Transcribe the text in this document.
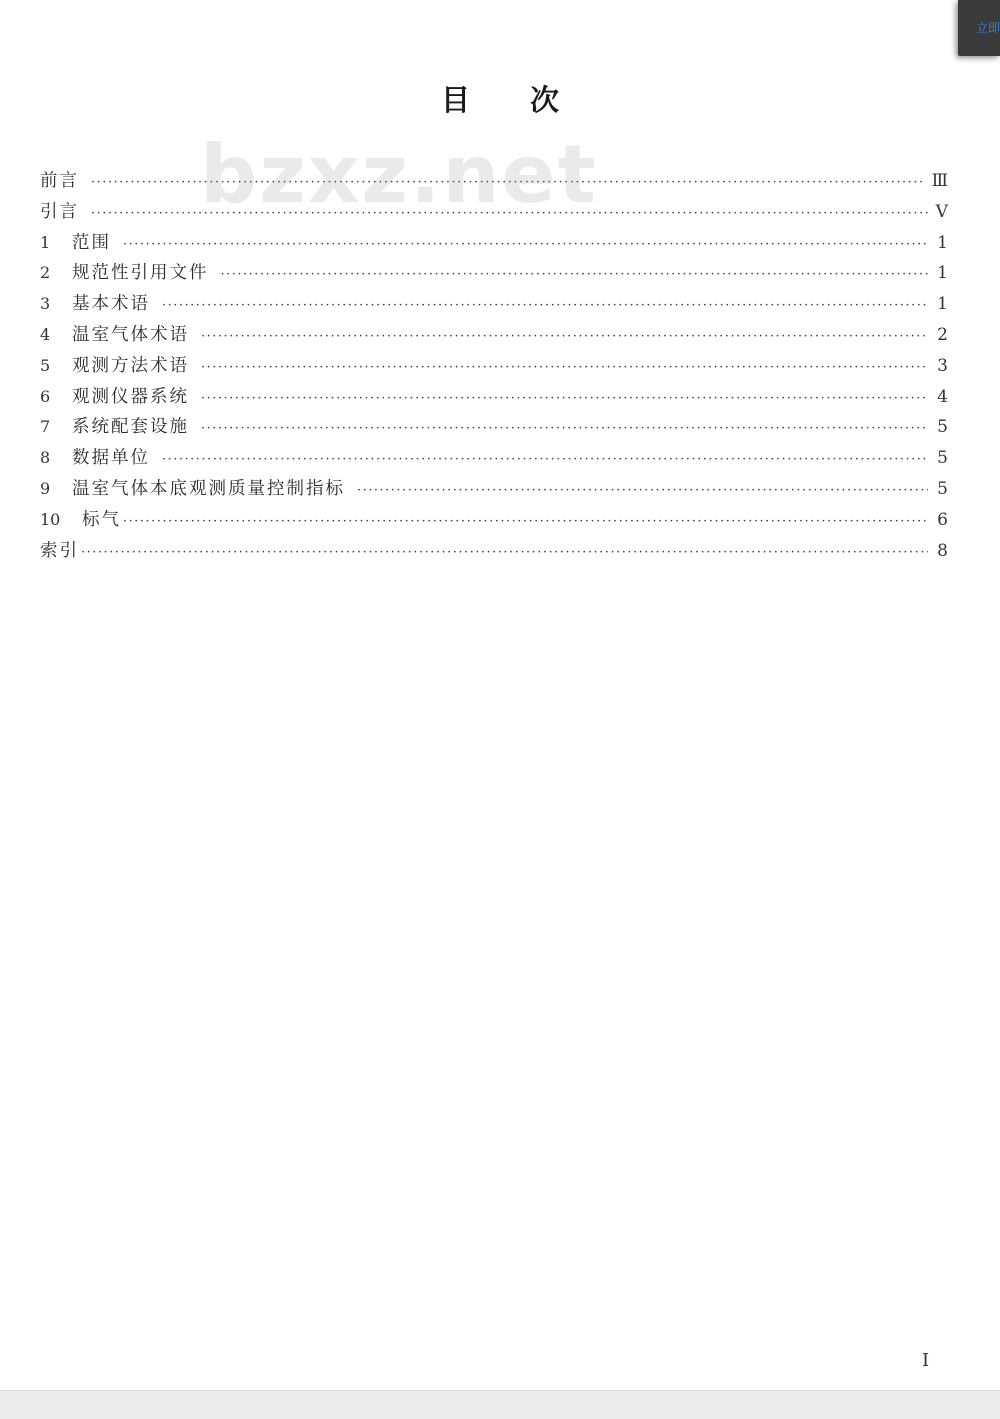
目次
bzxz.net
前言 ·····	Ⅲ
引言 ·····	Ⅴ
1	范围 ·····	1
2	规范性引用文件 ·····	1
3	基本术语 ·····	1
4	温室气体术语 ·····	2
5	观测方法术语 ·····	3
6	观测仪器系统 ·····	4
7	系统配套设施 ·····	5
8	数据单位 ·····	5
9	温室气体本底观测质量控制指标 ·····	5
10	标气 ·····	6
索引 ·····	8
I
立即
